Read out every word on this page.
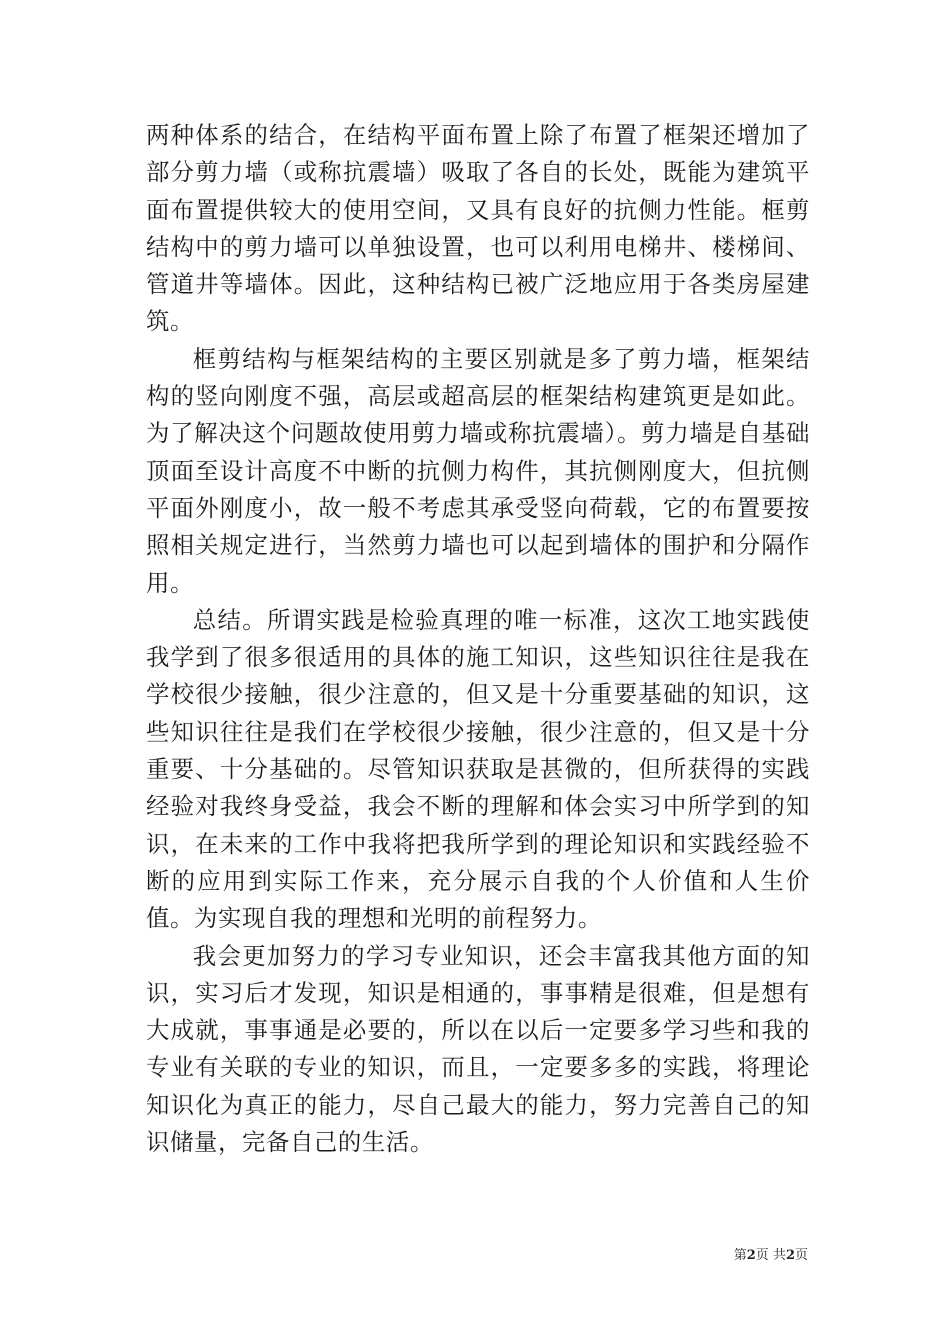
两种体系的结合，在结构平面布置上除了布置了框架还增加了部分剪力墙（或称抗震墙）吸取了各自的长处，既能为建筑平面布置提供较大的使用空间，又具有良好的抗侧力性能。框剪结构中的剪力墙可以单独设置，也可以利用电梯井、楼梯间、管道井等墙体。因此，这种结构已被广泛地应用于各类房屋建筑。

框剪结构与框架结构的主要区别就是多了剪力墙，框架结构的竖向刚度不强，高层或超高层的框架结构建筑更是如此。为了解决这个问题故使用剪力墙或称抗震墙）。剪力墙是自基础顶面至设计高度不中断的抗侧力构件，其抗侧刚度大，但抗侧平面外刚度小，故一般不考虑其承受竖向荷载，它的布置要按照相关规定进行，当然剪力墙也可以起到墙体的围护和分隔作用。

总结。所谓实践是检验真理的唯一标准，这次工地实践使我学到了很多很适用的具体的施工知识，这些知识往往是我在学校很少接触，很少注意的，但又是十分重要基础的知识，这些知识往往是我们在学校很少接触，很少注意的，但又是十分重要、十分基础的。尽管知识获取是甚微的，但所获得的实践经验对我终身受益，我会不断的理解和体会实习中所学到的知识，在未来的工作中我将把我所学到的理论知识和实践经验不断的应用到实际工作来，充分展示自我的个人价值和人生价值。为实现自我的理想和光明的前程努力。

我会更加努力的学习专业知识，还会丰富我其他方面的知识，实习后才发现，知识是相通的，事事精是很难，但是想有大成就，事事通是必要的，所以在以后一定要多学习些和我的专业有关联的专业的知识，而且，一定要多多的实践，将理论知识化为真正的能力，尽自己最大的能力，努力完善自己的知识储量，完备自己的生活。

第2页 共2页
